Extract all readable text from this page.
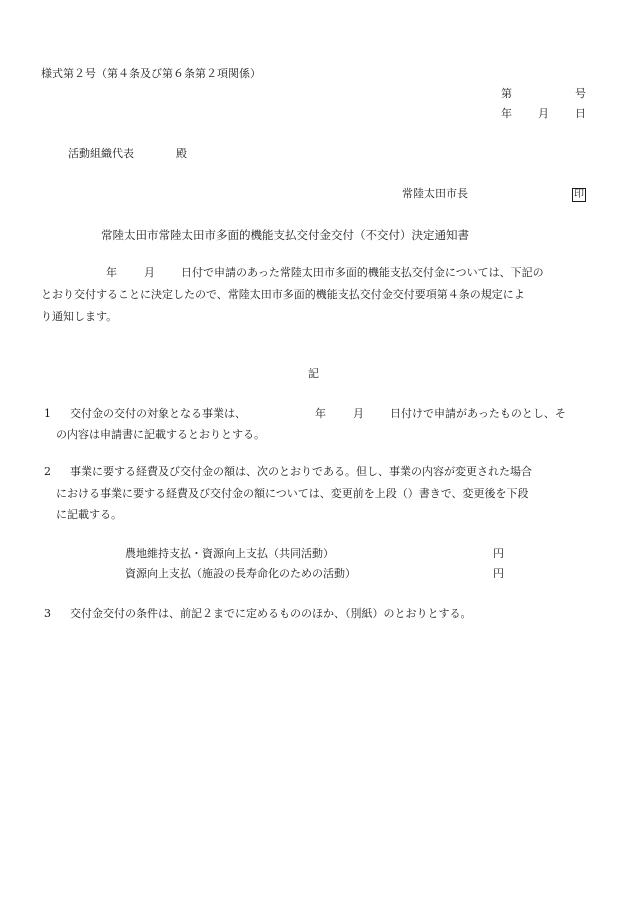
様式第２号（第４条及び第６条第２項関係）
第	号
年 月 日
活動組織代表	殿
常陸太田市長	印
常陸太田市常陸太田市多面的機能支払交付金交付（不交付）決定通知書
年 月 日付で申請のあった常陸太田市多面的機能支払交付金については、下記の
とおり交付することに決定したので、常陸太田市多面的機能支払交付金交付要項第４条の規定によ
り通知します。
記
1 交付金の交付の対象となる事業は、	年 月 日付けで申請があったものとし、そ
の内容は申請書に記載するとおりとする。
2 事業に要する経費及び交付金の額は、次のとおりである。但し、事業の内容が変更された場合
における事業に要する経費及び交付金の額については、変更前を上段（）書きで、変更後を下段
に記載する。
農地維持支払・資源向上支払（共同活動）	円
資源向上支払（施設の長寿命化のための活動）	円
3 交付金交付の条件は、前記２までに定めるもののほか、（別紙）のとおりとする。
